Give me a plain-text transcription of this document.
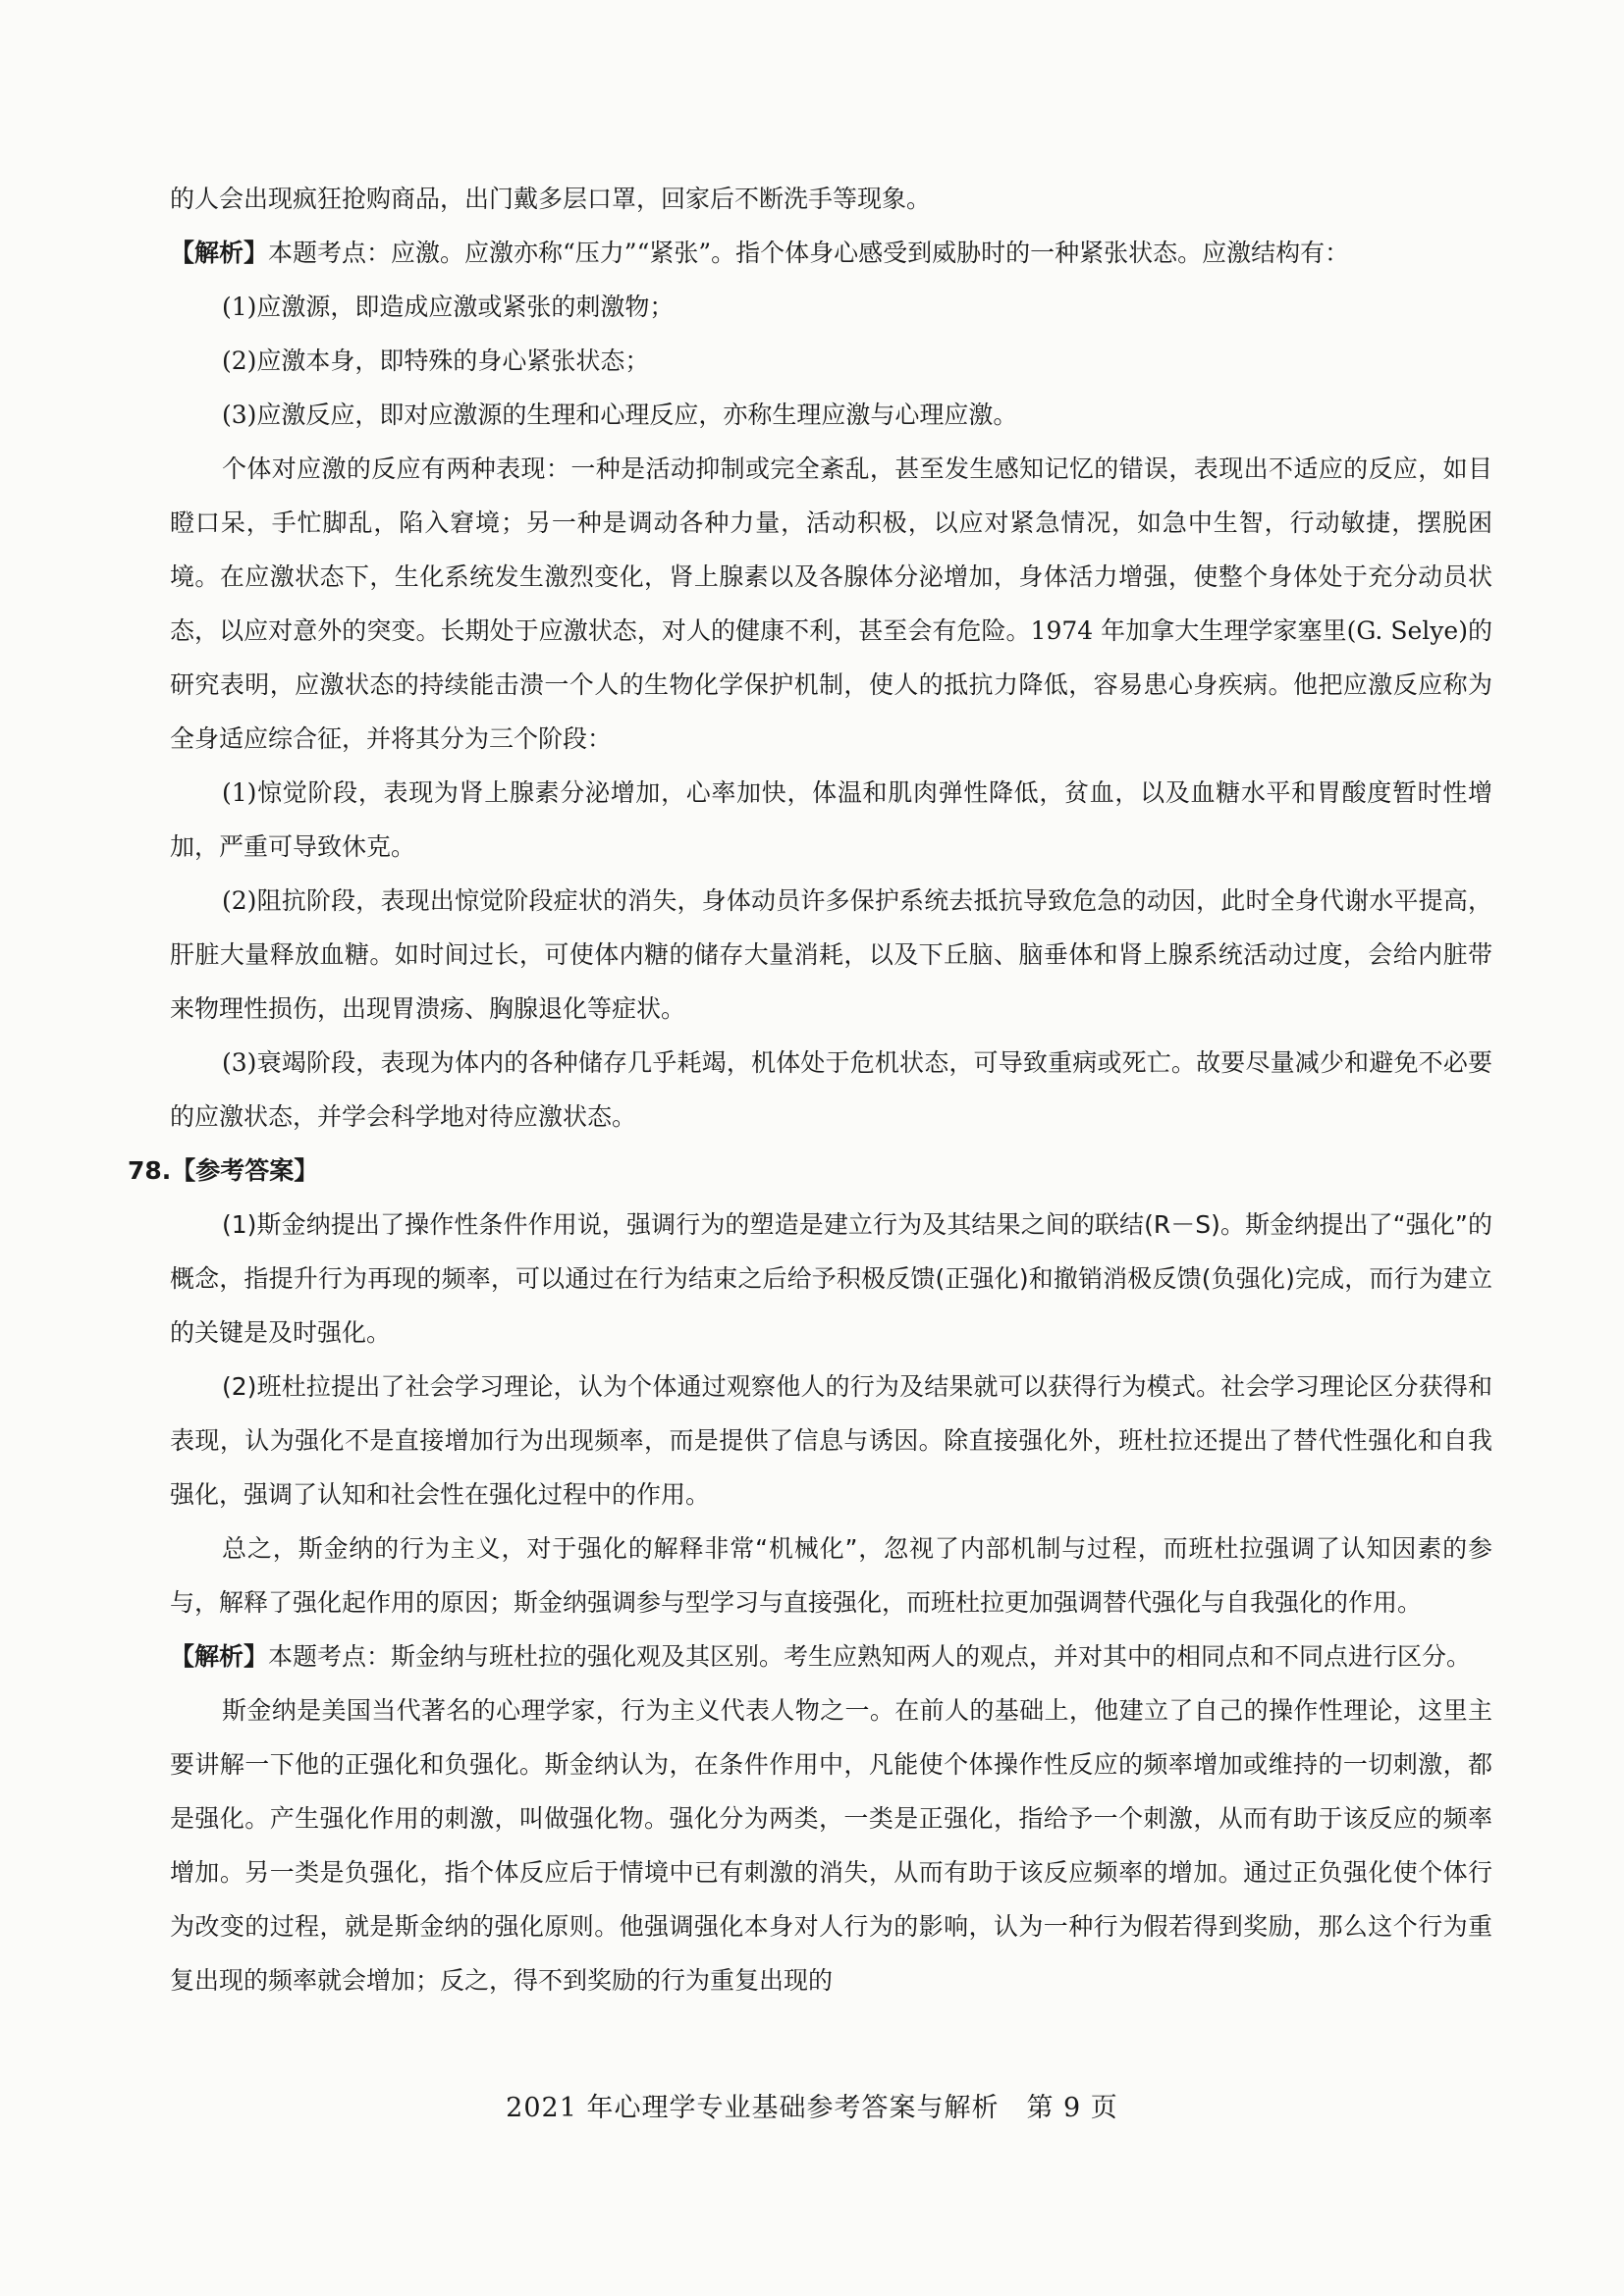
的人会出现疯狂抢购商品，出门戴多层口罩，回家后不断洗手等现象。

【解析】本题考点：应激。应激亦称“压力”“紧张”。指个体身心感受到威胁时的一种紧张状态。应激结构有：

(1)应激源，即造成应激或紧张的刺激物；

(2)应激本身，即特殊的身心紧张状态；

(3)应激反应，即对应激源的生理和心理反应，亦称生理应激与心理应激。

个体对应激的反应有两种表现：一种是活动抑制或完全紊乱，甚至发生感知记忆的错误，表现出不适应的反应，如目瞪口呆，手忙脚乱，陷入窘境；另一种是调动各种力量，活动积极，以应对紧急情况，如急中生智，行动敏捷，摆脱困境。在应激状态下，生化系统发生激烈变化，肾上腺素以及各腺体分泌增加，身体活力增强，使整个身体处于充分动员状态，以应对意外的突变。长期处于应激状态，对人的健康不利，甚至会有危险。1974 年加拿大生理学家塞里(G. Selye)的研究表明，应激状态的持续能击溃一个人的生物化学保护机制，使人的抵抗力降低，容易患心身疾病。他把应激反应称为全身适应综合征，并将其分为三个阶段：

(1)惊觉阶段，表现为肾上腺素分泌增加，心率加快，体温和肌肉弹性降低，贫血，以及血糖水平和胃酸度暂时性增加，严重可导致休克。

(2)阻抗阶段，表现出惊觉阶段症状的消失，身体动员许多保护系统去抵抗导致危急的动因，此时全身代谢水平提高，肝脏大量释放血糖。如时间过长，可使体内糖的储存大量消耗，以及下丘脑、脑垂体和肾上腺系统活动过度，会给内脏带来物理性损伤，出现胃溃疡、胸腺退化等症状。

(3)衰竭阶段，表现为体内的各种储存几乎耗竭，机体处于危机状态，可导致重病或死亡。故要尽量减少和避免不必要的应激状态，并学会科学地对待应激状态。

78.【参考答案】

(1)斯金纳提出了操作性条件作用说，强调行为的塑造是建立行为及其结果之间的联结(R－S)。斯金纳提出了“强化”的概念，指提升行为再现的频率，可以通过在行为结束之后给予积极反馈(正强化)和撤销消极反馈(负强化)完成，而行为建立的关键是及时强化。

(2)班杜拉提出了社会学习理论，认为个体通过观察他人的行为及结果就可以获得行为模式。社会学习理论区分获得和表现，认为强化不是直接增加行为出现频率，而是提供了信息与诱因。除直接强化外，班杜拉还提出了替代性强化和自我强化，强调了认知和社会性在强化过程中的作用。

总之，斯金纳的行为主义，对于强化的解释非常“机械化”，忽视了内部机制与过程，而班杜拉强调了认知因素的参与，解释了强化起作用的原因；斯金纳强调参与型学习与直接强化，而班杜拉更加强调替代强化与自我强化的作用。

【解析】本题考点：斯金纳与班杜拉的强化观及其区别。考生应熟知两人的观点，并对其中的相同点和不同点进行区分。

斯金纳是美国当代著名的心理学家，行为主义代表人物之一。在前人的基础上，他建立了自己的操作性理论，这里主要讲解一下他的正强化和负强化。斯金纳认为，在条件作用中，凡能使个体操作性反应的频率增加或维持的一切刺激，都是强化。产生强化作用的刺激，叫做强化物。强化分为两类，一类是正强化，指给予一个刺激，从而有助于该反应的频率增加。另一类是负强化，指个体反应后于情境中已有刺激的消失，从而有助于该反应频率的增加。通过正负强化使个体行为改变的过程，就是斯金纳的强化原则。他强调强化本身对人行为的影响，认为一种行为假若得到奖励，那么这个行为重复出现的频率就会增加；反之，得不到奖励的行为重复出现的

2021 年心理学专业基础参考答案与解析　第 9 页
